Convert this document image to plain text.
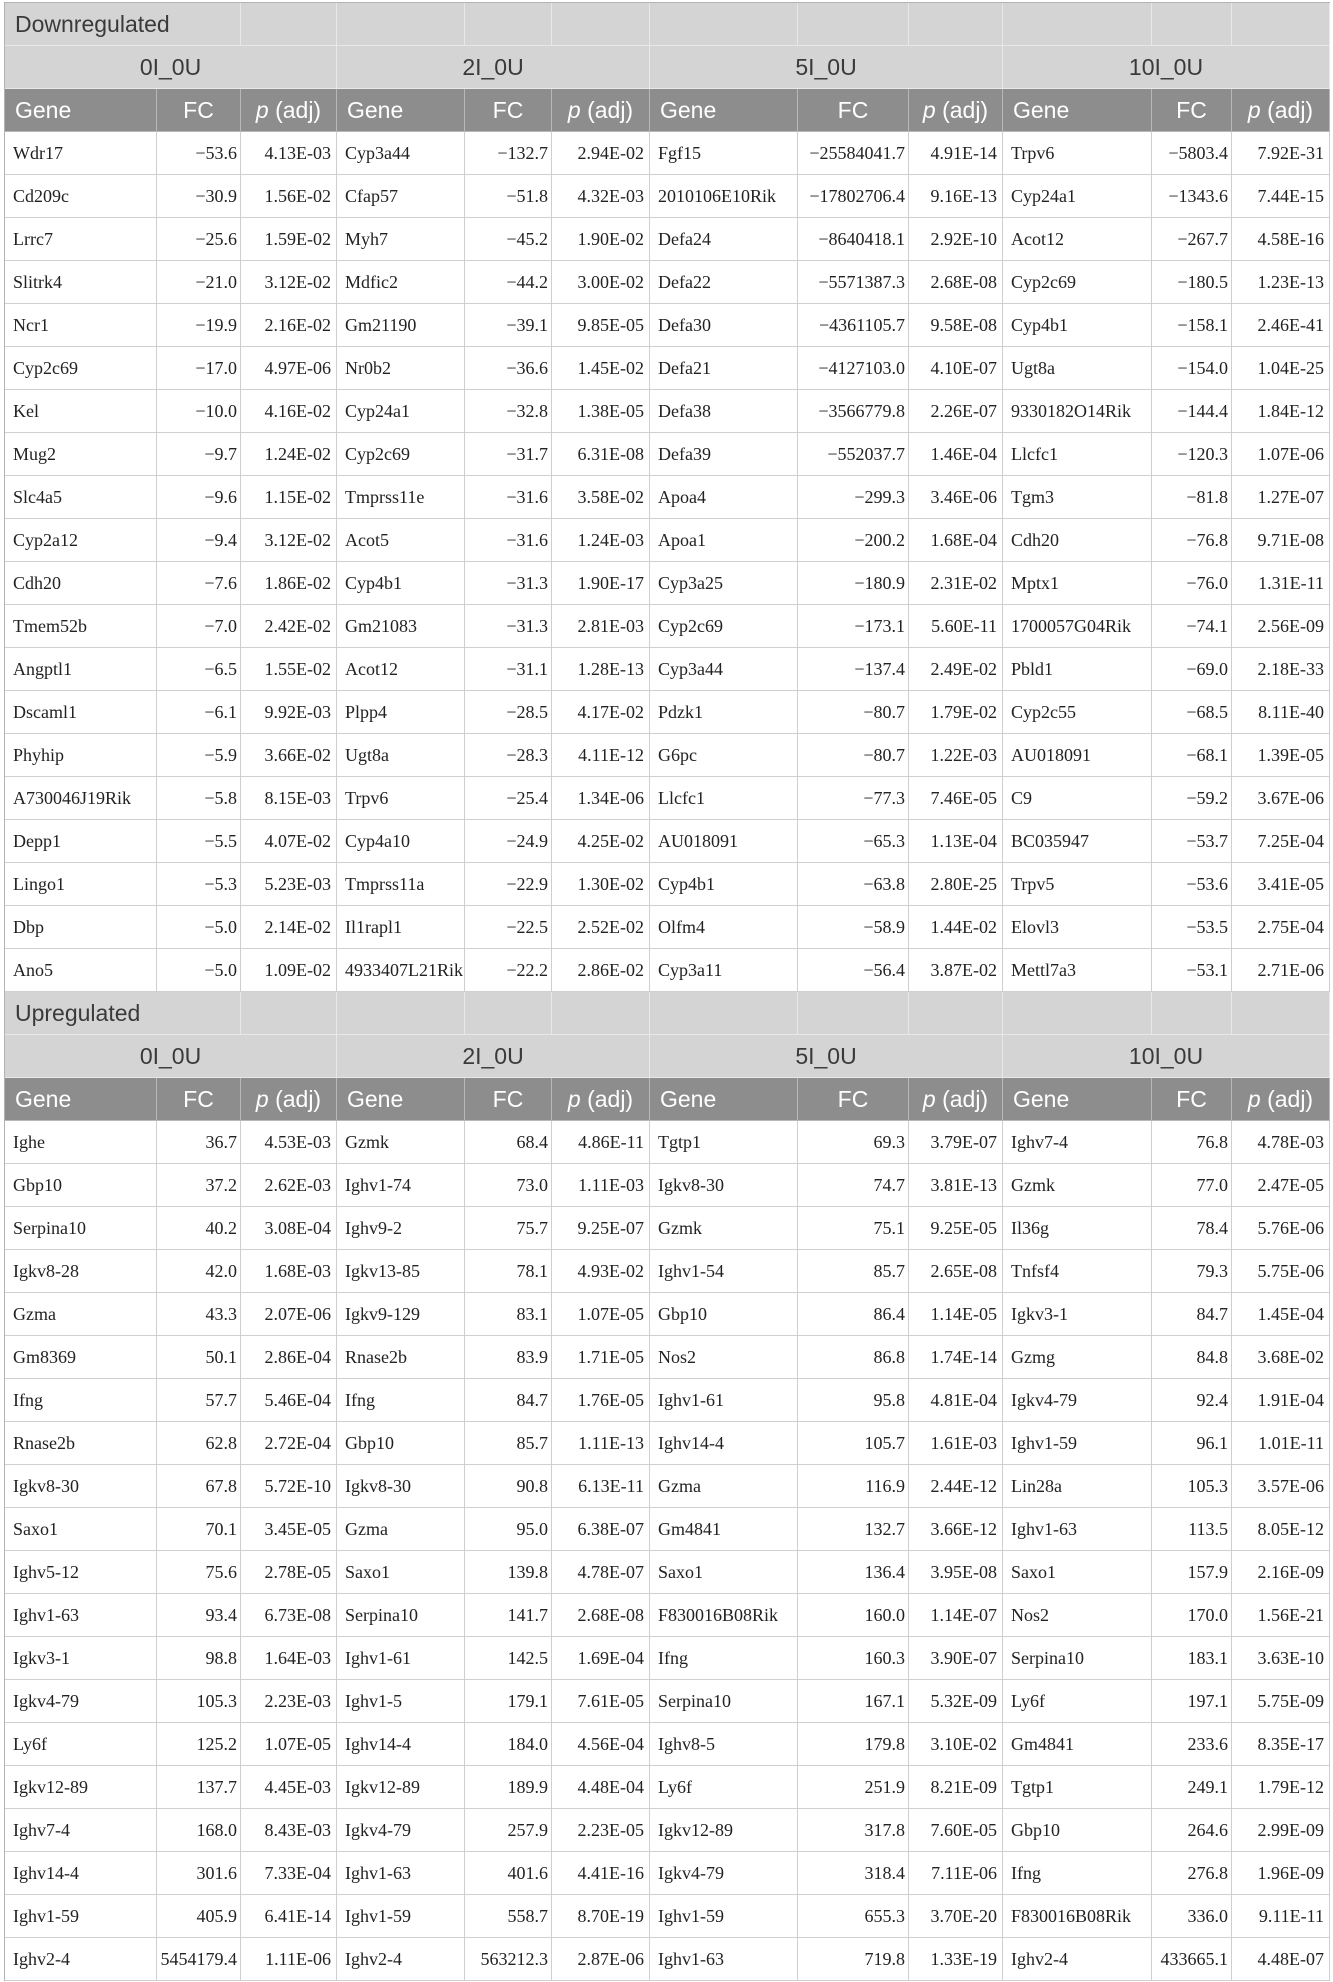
Downregulated
0I_0U	2I_0U	5I_0U	10I_0U
Gene	FC	p (adj)	Gene	FC	p (adj)	Gene	FC	p (adj)	Gene	FC	p (adj)
Wdr17	−53.6	4.13E-03 Cyp3a44	−132.7	2.94E-02 Fgf15	−25584041.7	4.91E-14 Trpv6	−5803.4	7.92E-31
Cd209c	−30.9	1.56E-02 Cfap57	−51.8	4.32E-03 2010106E10Rik	−17802706.4	9.16E-13 Cyp24a1	−1343.6	7.44E-15
Lrrc7	−25.6	1.59E-02 Myh7	−45.2	1.90E-02 Defa24	−8640418.1	2.92E-10 Acot12	−267.7	4.58E-16
Slitrk4	−21.0	3.12E-02 Mdfic2	−44.2	3.00E-02 Defa22	−5571387.3	2.68E-08 Cyp2c69	−180.5	1.23E-13
Ncr1	−19.9	2.16E-02 Gm21190	−39.1	9.85E-05 Defa30	−4361105.7	9.58E-08 Cyp4b1	−158.1	2.46E-41
Cyp2c69	−17.0	4.97E-06 Nr0b2	−36.6	1.45E-02 Defa21	−4127103.0	4.10E-07 Ugt8a	−154.0	1.04E-25
Kel	−10.0	4.16E-02 Cyp24a1	−32.8	1.38E-05 Defa38	−3566779.8	2.26E-07 9330182O14Rik	−144.4	1.84E-12
Mug2	−9.7	1.24E-02 Cyp2c69	−31.7	6.31E-08 Defa39	−552037.7	1.46E-04 Llcfc1	−120.3	1.07E-06
Slc4a5	−9.6	1.15E-02 Tmprss11e	−31.6	3.58E-02 Apoa4	−299.3	3.46E-06 Tgm3	−81.8	1.27E-07
Cyp2a12	−9.4	3.12E-02 Acot5	−31.6	1.24E-03 Apoa1	−200.2	1.68E-04 Cdh20	−76.8	9.71E-08
Cdh20	−7.6	1.86E-02 Cyp4b1	−31.3	1.90E-17 Cyp3a25	−180.9	2.31E-02 Mptx1	−76.0	1.31E-11
Tmem52b	−7.0	2.42E-02 Gm21083	−31.3	2.81E-03 Cyp2c69	−173.1	5.60E-11 1700057G04Rik	−74.1	2.56E-09
Angptl1	−6.5	1.55E-02 Acot12	−31.1	1.28E-13 Cyp3a44	−137.4	2.49E-02 Pbld1	−69.0	2.18E-33
Dscaml1	−6.1	9.92E-03 Plpp4	−28.5	4.17E-02 Pdzk1	−80.7	1.79E-02 Cyp2c55	−68.5	8.11E-40
Phyhip	−5.9	3.66E-02 Ugt8a	−28.3	4.11E-12 G6pc	−80.7	1.22E-03 AU018091	−68.1	1.39E-05
A730046J19Rik	−5.8	8.15E-03 Trpv6	−25.4	1.34E-06 Llcfc1	−77.3	7.46E-05 C9	−59.2	3.67E-06
Depp1	−5.5	4.07E-02 Cyp4a10	−24.9	4.25E-02 AU018091	−65.3	1.13E-04 BC035947	−53.7	7.25E-04
Lingo1	−5.3	5.23E-03 Tmprss11a	−22.9	1.30E-02 Cyp4b1	−63.8	2.80E-25 Trpv5	−53.6	3.41E-05
Dbp	−5.0	2.14E-02 Il1rapl1	−22.5	2.52E-02 Olfm4	−58.9	1.44E-02 Elovl3	−53.5	2.75E-04
Ano5	−5.0	1.09E-02 4933407L21Rik	−22.2	2.86E-02 Cyp3a11	−56.4	3.87E-02 Mettl7a3	−53.1	2.71E-06
Upregulated
0I_0U	2I_0U	5I_0U	10I_0U
Gene	FC	p (adj)	Gene	FC	p (adj)	Gene	FC	p (adj)	Gene	FC	p (adj)
Ighe	36.7	4.53E-03 Gzmk	68.4	4.86E-11 Tgtp1	69.3	3.79E-07 Ighv7-4	76.8	4.78E-03
Gbp10	37.2	2.62E-03 Ighv1-74	73.0	1.11E-03 Igkv8-30	74.7	3.81E-13 Gzmk	77.0	2.47E-05
Serpina10	40.2	3.08E-04 Ighv9-2	75.7	9.25E-07 Gzmk	75.1	9.25E-05 Il36g	78.4	5.76E-06
Igkv8-28	42.0	1.68E-03 Igkv13-85	78.1	4.93E-02 Ighv1-54	85.7	2.65E-08 Tnfsf4	79.3	5.75E-06
Gzma	43.3	2.07E-06 Igkv9-129	83.1	1.07E-05 Gbp10	86.4	1.14E-05 Igkv3-1	84.7	1.45E-04
Gm8369	50.1	2.86E-04 Rnase2b	83.9	1.71E-05 Nos2	86.8	1.74E-14 Gzmg	84.8	3.68E-02
Ifng	57.7	5.46E-04 Ifng	84.7	1.76E-05 Ighv1-61	95.8	4.81E-04 Igkv4-79	92.4	1.91E-04
Rnase2b	62.8	2.72E-04 Gbp10	85.7	1.11E-13 Ighv14-4	105.7	1.61E-03 Ighv1-59	96.1	1.01E-11
Igkv8-30	67.8	5.72E-10 Igkv8-30	90.8	6.13E-11 Gzma	116.9	2.44E-12 Lin28a	105.3	3.57E-06
Saxo1	70.1	3.45E-05 Gzma	95.0	6.38E-07 Gm4841	132.7	3.66E-12 Ighv1-63	113.5	8.05E-12
Ighv5-12	75.6	2.78E-05 Saxo1	139.8	4.78E-07 Saxo1	136.4	3.95E-08 Saxo1	157.9	2.16E-09
Ighv1-63	93.4	6.73E-08 Serpina10	141.7	2.68E-08 F830016B08Rik	160.0	1.14E-07 Nos2	170.0	1.56E-21
Igkv3-1	98.8	1.64E-03 Ighv1-61	142.5	1.69E-04 Ifng	160.3	3.90E-07 Serpina10	183.1	3.63E-10
Igkv4-79	105.3	2.23E-03 Ighv1-5	179.1	7.61E-05 Serpina10	167.1	5.32E-09 Ly6f	197.1	5.75E-09
Ly6f	125.2	1.07E-05 Ighv14-4	184.0	4.56E-04 Ighv8-5	179.8	3.10E-02 Gm4841	233.6	8.35E-17
Igkv12-89	137.7	4.45E-03 Igkv12-89	189.9	4.48E-04 Ly6f	251.9	8.21E-09 Tgtp1	249.1	1.79E-12
Ighv7-4	168.0	8.43E-03 Igkv4-79	257.9	2.23E-05 Igkv12-89	317.8	7.60E-05 Gbp10	264.6	2.99E-09
Ighv14-4	301.6	7.33E-04 Ighv1-63	401.6	4.41E-16 Igkv4-79	318.4	7.11E-06 Ifng	276.8	1.96E-09
Ighv1-59	405.9	6.41E-14 Ighv1-59	558.7	8.70E-19 Ighv1-59	655.3	3.70E-20 F830016B08Rik	336.0	9.11E-11
Ighv2-4	5454179.4	1.11E-06 Ighv2-4	563212.3	2.87E-06 Ighv1-63	719.8	1.33E-19 Ighv2-4	433665.1	4.48E-07
